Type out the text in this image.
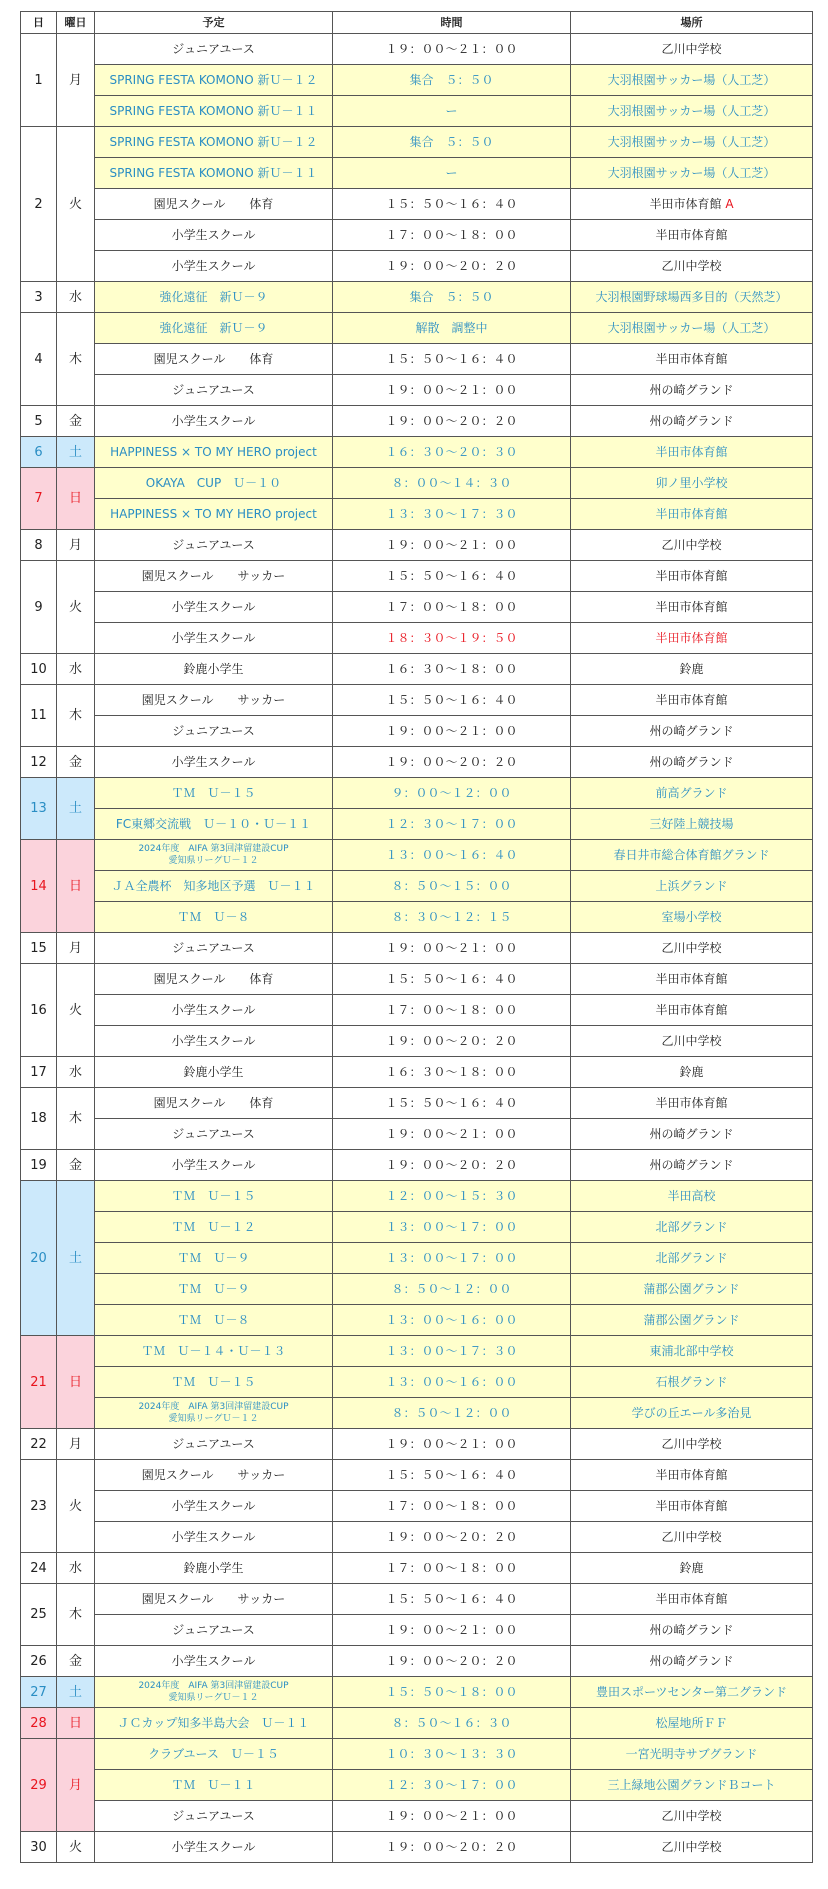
日	曜日	予定	時間	場所
1	月	ジュニアユース	１９：００～２１：００	乙川中学校
		SPRING FESTA KOMONO 新Ｕ－１２	集合　５：５０	大羽根園サッカー場（人工芝）
		SPRING FESTA KOMONO 新Ｕ－１１	ー	大羽根園サッカー場（人工芝）
2	火	SPRING FESTA KOMONO 新Ｕ－１２	集合　５：５０	大羽根園サッカー場（人工芝）
		SPRING FESTA KOMONO 新Ｕ－１１	ー	大羽根園サッカー場（人工芝）
		園児スクール　　体育	１５：５０～１６：４０	半田市体育館 A
		小学生スクール	１７：００～１８：００	半田市体育館
		小学生スクール	１９：００～２０：２０	乙川中学校
3	水	強化遠征　新Ｕ－９	集合　５：５０	大羽根園野球場西多目的（天然芝）
4	木	強化遠征　新Ｕ－９	解散　調整中	大羽根園サッカー場（人工芝）
		園児スクール　　体育	１５：５０～１６：４０	半田市体育館
		ジュニアユース	１９：００～２１：００	州の崎グランド
5	金	小学生スクール	１９：００～２０：２０	州の崎グランド
6	土	HAPPINESS × TO MY HERO project	１６：３０～２０：３０	半田市体育館
7	日	OKAYA　CUP　Ｕ－１０	８：００～１４：３０	卯ノ里小学校
		HAPPINESS × TO MY HERO project	１３：３０～１７：３０	半田市体育館
8	月	ジュニアユース	１９：００～２１：００	乙川中学校
9	火	園児スクール　　サッカー	１５：５０～１６：４０	半田市体育館
		小学生スクール	１７：００～１８：００	半田市体育館
		小学生スクール	１８：３０～１９：５０	半田市体育館
10	水	鈴鹿小学生	１６：３０～１８：００	鈴鹿
11	木	園児スクール　　サッカー	１５：５０～１６：４０	半田市体育館
		ジュニアユース	１９：００～２１：００	州の崎グランド
12	金	小学生スクール	１９：００～２０：２０	州の崎グランド
13	土	ＴＭ　Ｕ－１５	９：００～１２：００	前高グランド
		FC東郷交流戦　Ｕ－１０・Ｕ－１１	１２：３０～１７：００	三好陸上競技場
14	日	2024年度　AIFA 第3回津留建設CUP
愛知県リーグＵ－１２	１３：００～１６：４０	春日井市総合体育館グランド
		ＪＡ全農杯　知多地区予選　Ｕ－１１	８：５０～１５：００	上浜グランド
		ＴＭ　Ｕ－８	８：３０～１２：１５	室場小学校
15	月	ジュニアユース	１９：００～２１：００	乙川中学校
16	火	園児スクール　　体育	１５：５０～１６：４０	半田市体育館
		小学生スクール	１７：００～１８：００	半田市体育館
		小学生スクール	１９：００～２０：２０	乙川中学校
17	水	鈴鹿小学生	１６：３０～１８：００	鈴鹿
18	木	園児スクール　　体育	１５：５０～１６：４０	半田市体育館
		ジュニアユース	１９：００～２１：００	州の崎グランド
19	金	小学生スクール	１９：００～２０：２０	州の崎グランド
20	土	ＴＭ　Ｕ－１５	１２：００～１５：３０	半田高校
		ＴＭ　Ｕ－１２	１３：００～１７：００	北部グランド
		ＴＭ　Ｕ－９	１３：００～１７：００	北部グランド
		ＴＭ　Ｕ－９	８：５０～１２：００	蒲郡公園グランド
		ＴＭ　Ｕ－８	１３：００～１６：００	蒲郡公園グランド
21	日	ＴＭ　Ｕ－１４・Ｕ－１３	１３：００～１７：３０	東浦北部中学校
		ＴＭ　Ｕ－１５	１３：００～１６：００	石根グランド

		2024年度　AIFA 第3回津留建設CUP
愛知県リーグＵ－１２	８：５０～１２：００	学びの丘エール多治見
22	月	ジュニアユース	１９：００～２１：００	乙川中学校
23	火	園児スクール　　サッカー	１５：５０～１６：４０	半田市体育館
		小学生スクール	１７：００～１８：００	半田市体育館
		小学生スクール	１９：００～２０：２０	乙川中学校
24	水	鈴鹿小学生	１７：００～１８：００	鈴鹿
25	木	園児スクール　　サッカー	１５：５０～１６：４０	半田市体育館
		ジュニアユース	１９：００～２１：００	州の崎グランド
26	金	小学生スクール	１９：００～２０：２０	州の崎グランド
27	土	2024年度　AIFA 第3回津留建設CUP
愛知県リーグＵ－１２	１５：５０～１８：００	豊田スポーツセンター第二グランド
28	日	ＪＣカップ知多半島大会　Ｕ－１１	８：５０～１６：３０	松屋地所ＦＦ
29	月	クラブユース　Ｕ－１５	１０：３０～１３：３０	一宮光明寺サブグランド
		ＴＭ　Ｕ－１１	１２：３０～１７：００	三上緑地公園グランドＢコート
		ジュニアユース	１９：００～２１：００	乙川中学校
30	火	小学生スクール	１９：００～２０：２０	乙川中学校
